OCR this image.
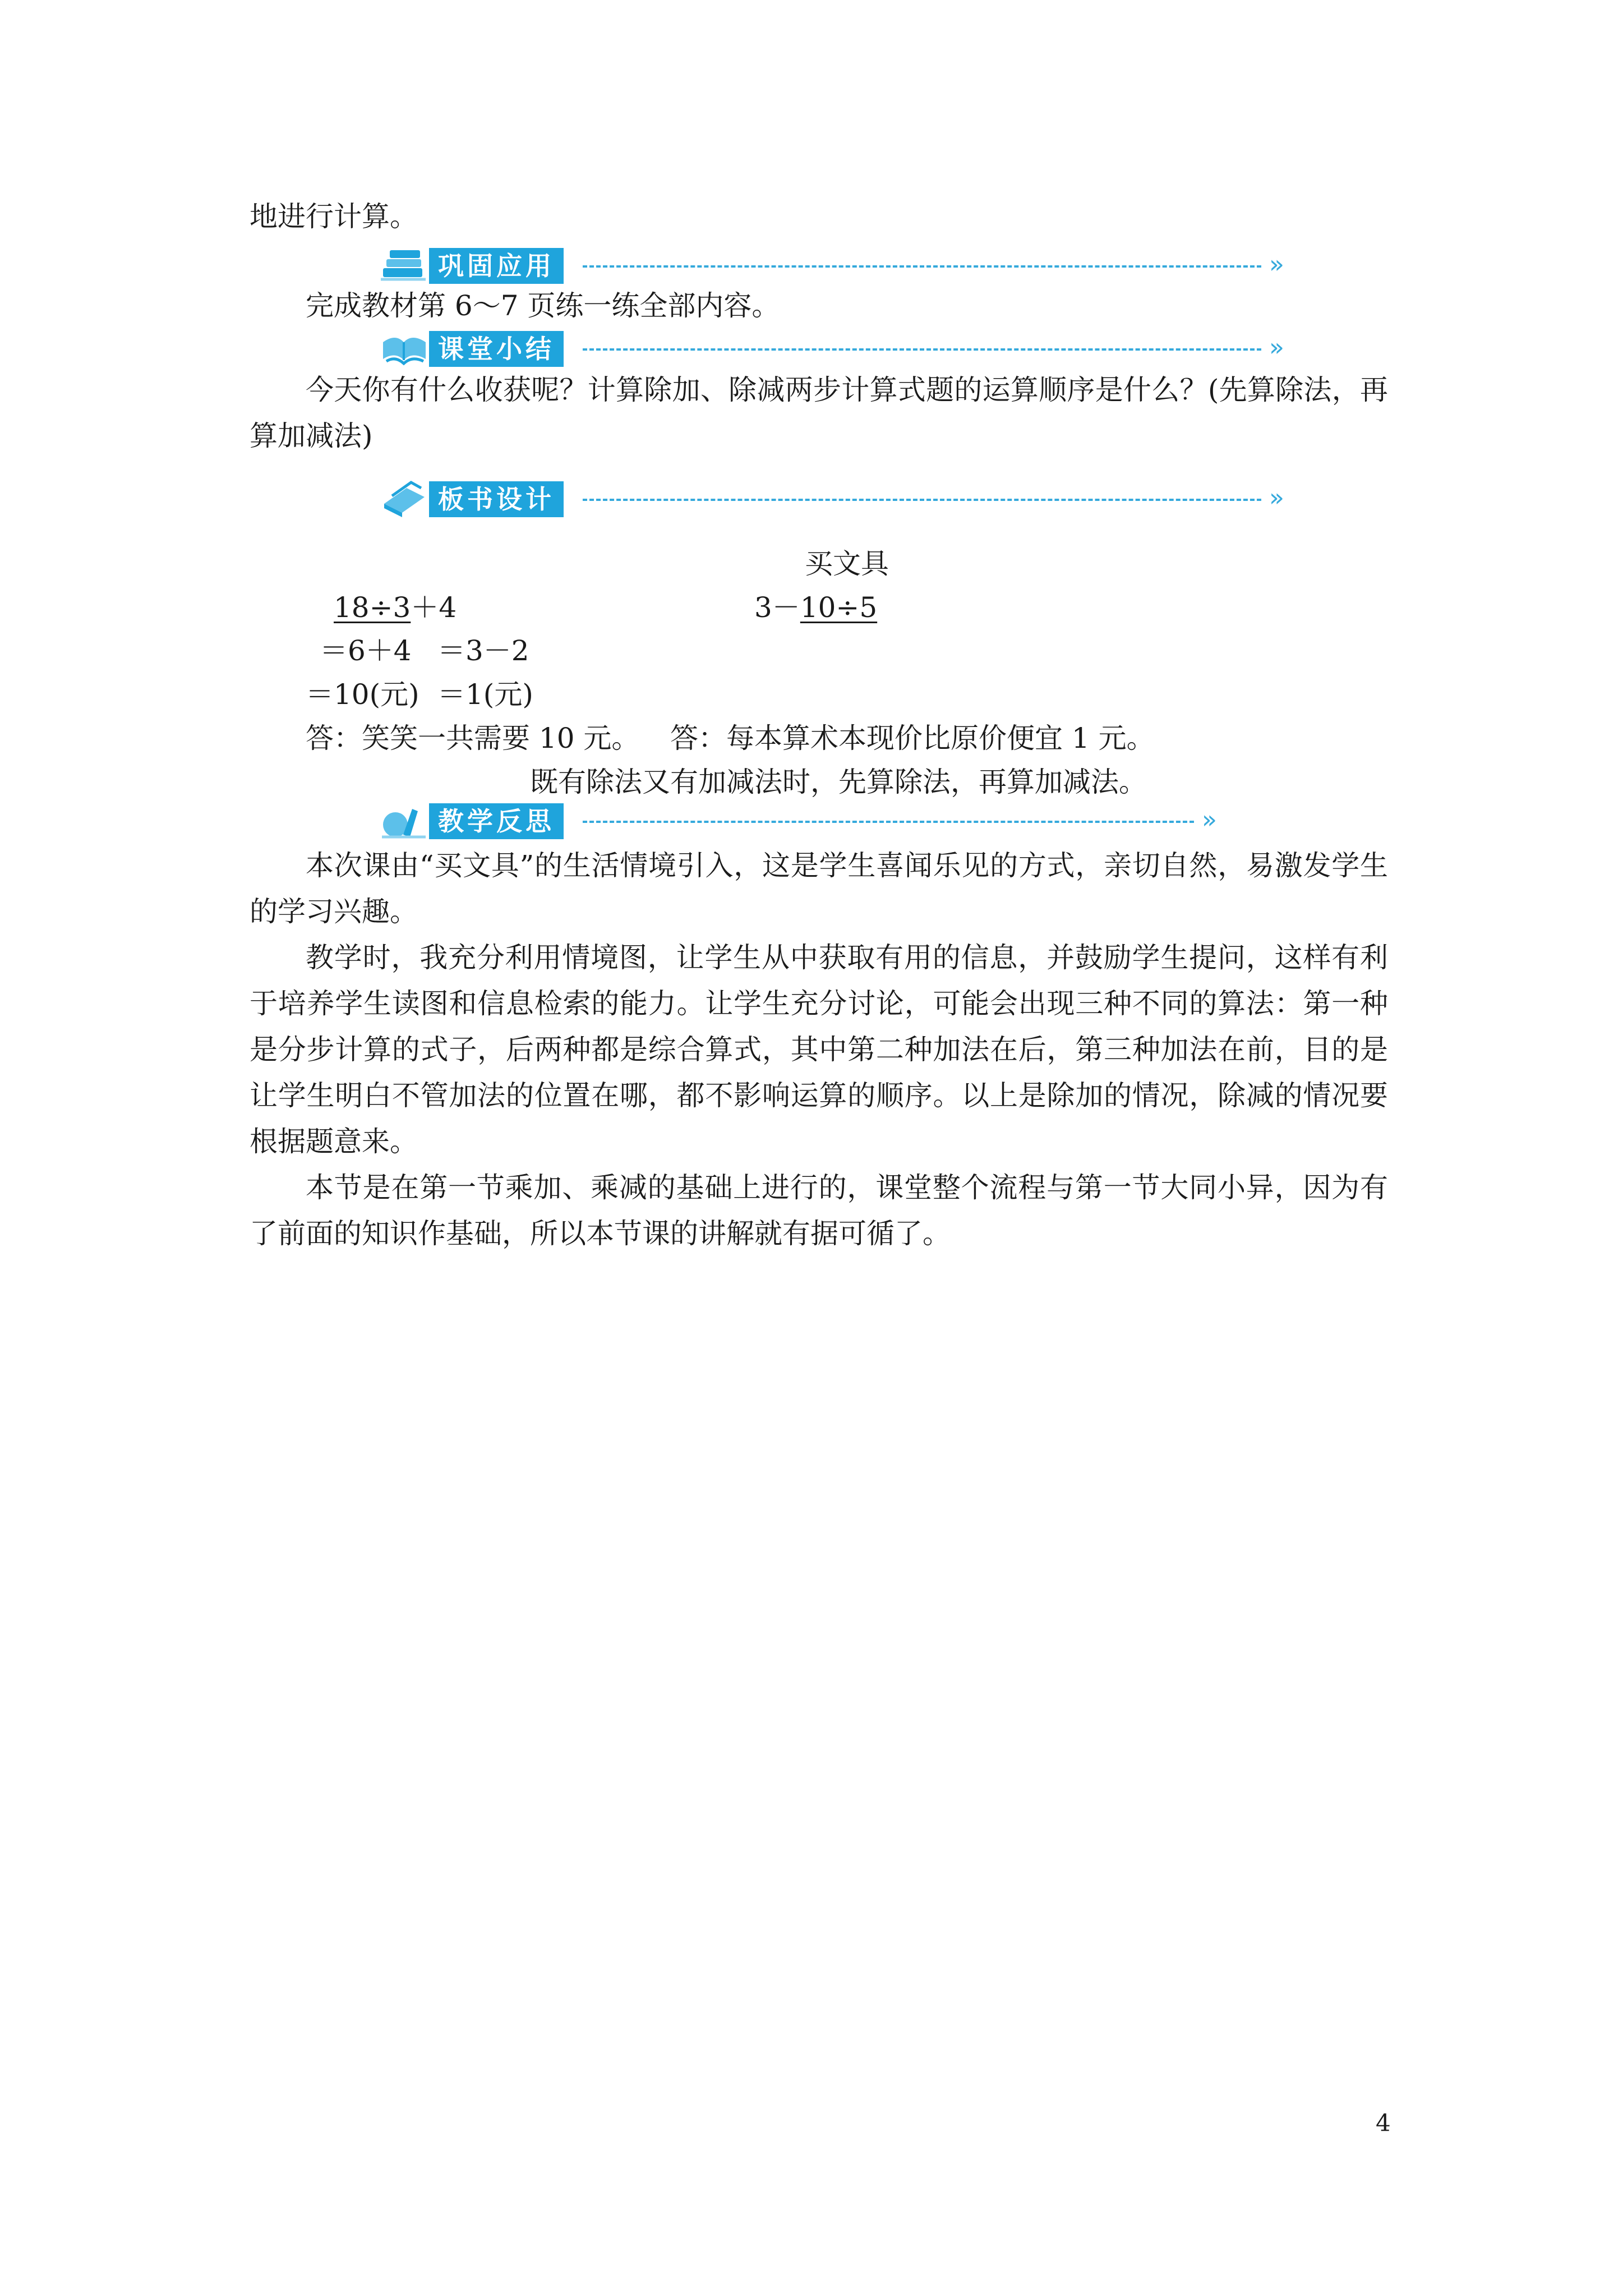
地进行计算。
巩固应用	»
完成教材第 6～7 页练一练全部内容。
课堂小结	»
今天你有什么收获呢？计算除加、除减两步计算式题的运算顺序是什么？(先算除法，再算加减法)
板书设计	»
买文具
18÷3＋4	3－10÷5
＝6＋4 ＝3－2
＝10(元) ＝1(元)
答：笑笑一共需要 10 元。 答：每本算术本现价比原价便宜 1 元。
既有除法又有加减法时，先算除法，再算加减法。
教学反思	»
本次课由“买文具”的生活情境引入，这是学生喜闻乐见的方式，亲切自然，易激发学生的学习兴趣。
教学时，我充分利用情境图，让学生从中获取有用的信息，并鼓励学生提问，这样有利于培养学生读图和信息检索的能力。让学生充分讨论，可能会出现三种不同的算法：第一种是分步计算的式子，后两种都是综合算式，其中第二种加法在后，第三种加法在前，目的是让学生明白不管加法的位置在哪，都不影响运算的顺序。以上是除加的情况，除减的情况要根据题意来。
本节是在第一节乘加、乘减的基础上进行的，课堂整个流程与第一节大同小异，因为有了前面的知识作基础，所以本节课的讲解就有据可循了。
4
